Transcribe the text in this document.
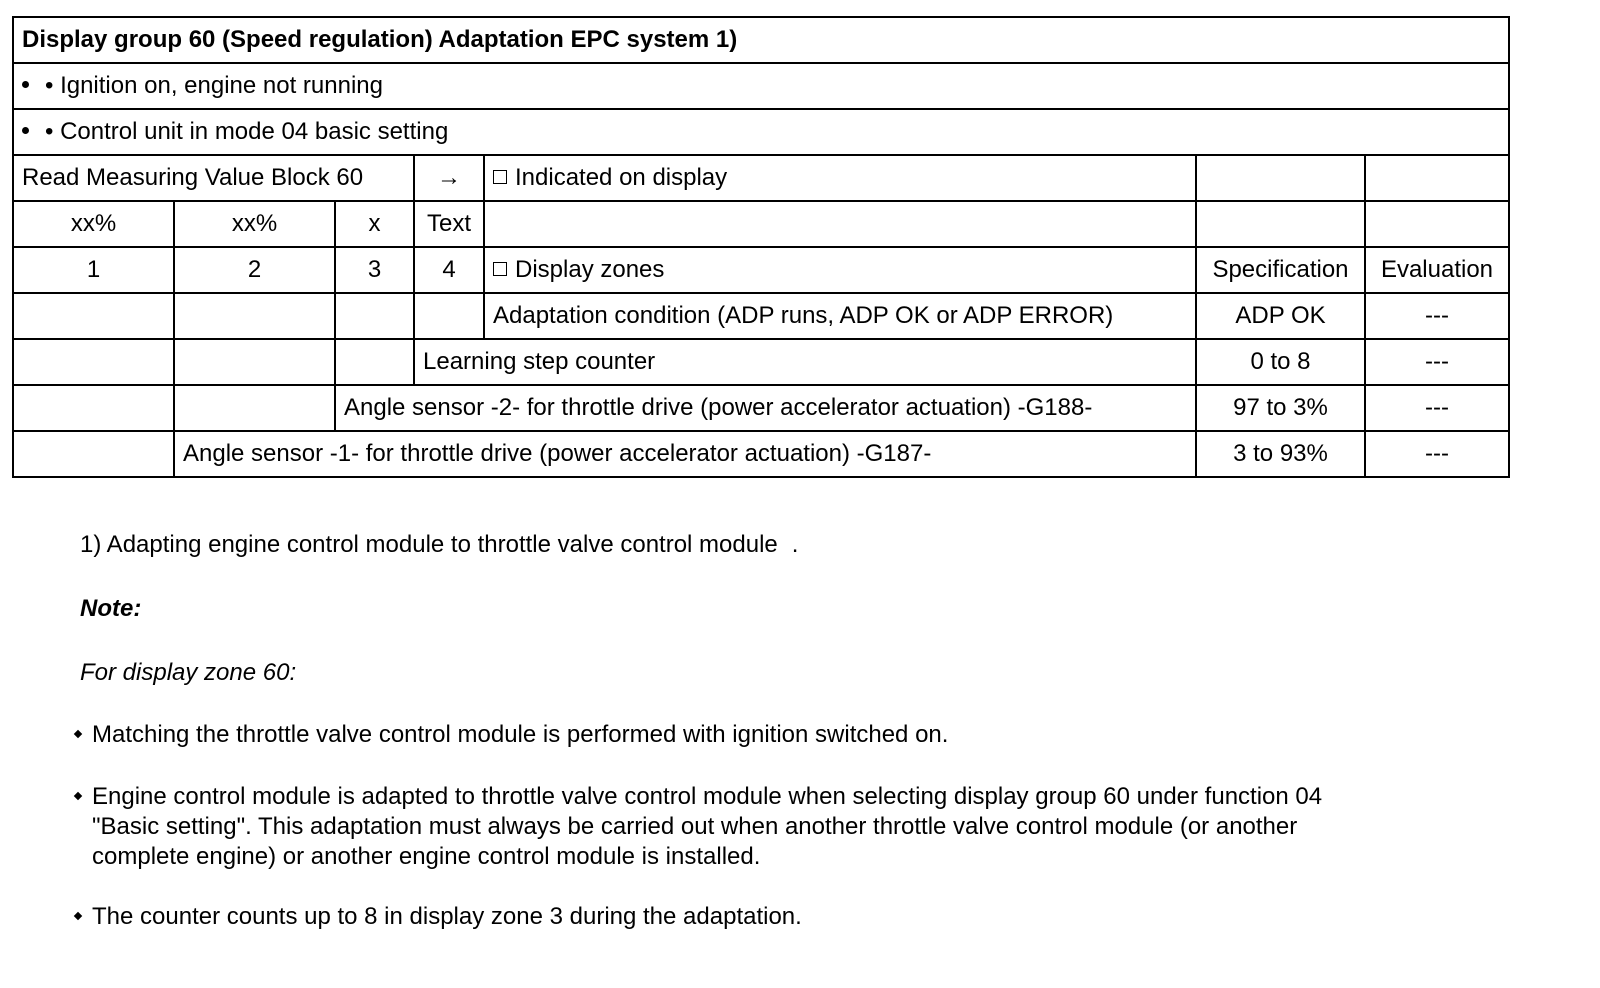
Display group 60 (Speed regulation) Adaptation EPC system 1)						
• Ignition on, engine not running						
• Control unit in mode 04 basic setting						
Read Measuring Value Block 60			→	Indicated on display		
xx%	xx%	x	Text			
1	2	3	4	Display zones	Specification	Evaluation
				Adaptation condition (ADP runs, ADP OK or ADP ERROR)	ADP OK	---
			Learning step counter		0 to 8	---
		Angle sensor -2- for throttle drive (power accelerator actuation) -G188-			97 to 3%	---
	Angle sensor -1- for throttle drive (power accelerator actuation) -G187-				3 to 93%	---
1) Adapting engine control module to throttle valve control module .
Note:
For display zone 60:
Matching the throttle valve control module is performed with ignition switched on.
Engine control module is adapted to throttle valve control module when selecting display group 60 under function 04
"Basic setting". This adaptation must always be carried out when another throttle valve control module (or another
complete engine) or another engine control module is installed.
The counter counts up to 8 in display zone 3 during the adaptation.
